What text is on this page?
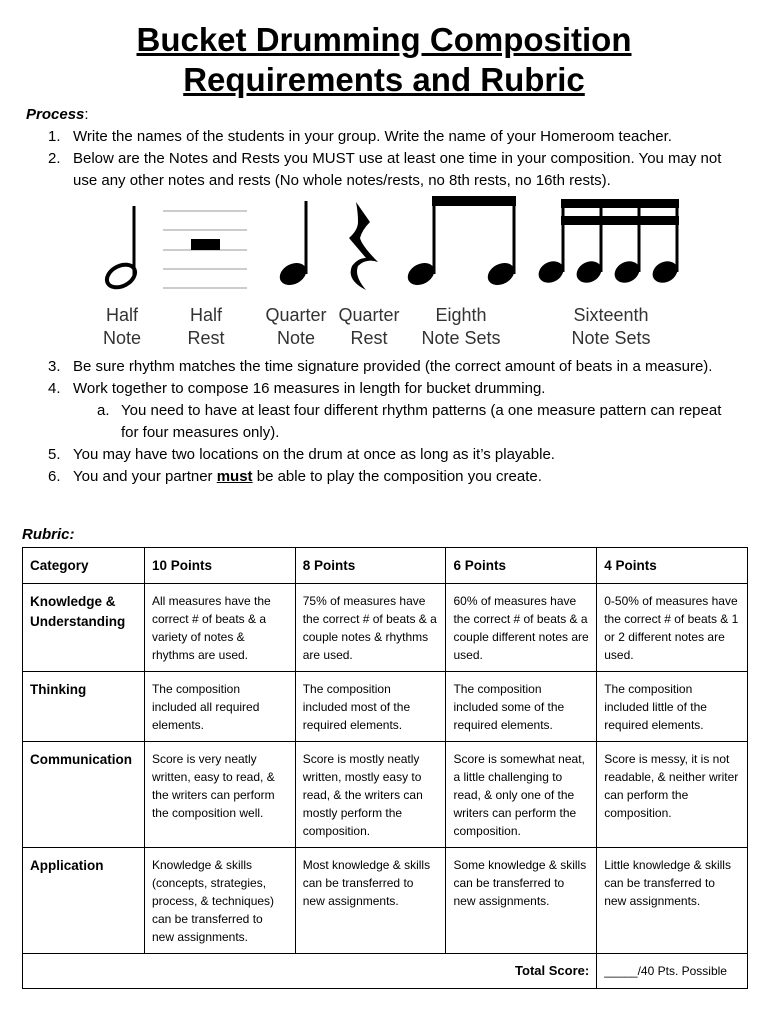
Bucket Drumming Composition
Requirements and Rubric
Process:
1. Write the names of the students in your group. Write the name of your Homeroom teacher.
2. Below are the Notes and Rests you MUST use at least one time in your composition. You may not use any other notes and rests (No whole notes/rests, no 8th rests, no 16th rests).
Half
Note
Half
Rest
Quarter
Note
Quarter
Rest
Eighth
Note Sets
Sixteenth
Note Sets
3. Be sure rhythm matches the time signature provided (the correct amount of beats in a measure).
4. Work together to compose 16 measures in length for bucket drumming.
a. You need to have at least four different rhythm patterns (a one measure pattern can repeat for four measures only).
5. You may have two locations on the drum at once as long as it’s playable.
6. You and your partner must be able to play the composition you create.
Rubric:
Category	10 Points	8 Points	6 Points	4 Points
Knowledge & Understanding	All measures have the correct # of beats & a variety of notes & rhythms are used.	75% of measures have the correct # of beats & a couple notes & rhythms are used.	60% of measures have the correct # of beats & a couple different notes are used.	0-50% of measures have the correct # of beats & 1 or 2 different notes are used.
Thinking	The composition included all required elements.	The composition included most of the required elements.	The composition included some of the required elements.	The composition included little of the required elements.
Communication	Score is very neatly written, easy to read, & the writers can perform the composition well.	Score is mostly neatly written, mostly easy to read, & the writers can mostly perform the composition.	Score is somewhat neat, a little challenging to read, & only one of the writers can perform the composition.	Score is messy, it is not readable, & neither writer can perform the composition.
Application	Knowledge & skills (concepts, strategies, process, & techniques) can be transferred to new assignments.	Most knowledge & skills can be transferred to new assignments.	Some knowledge & skills can be transferred to new assignments.	Little knowledge & skills can be transferred to new assignments.
Total Score:				_____/40 Pts. Possible
